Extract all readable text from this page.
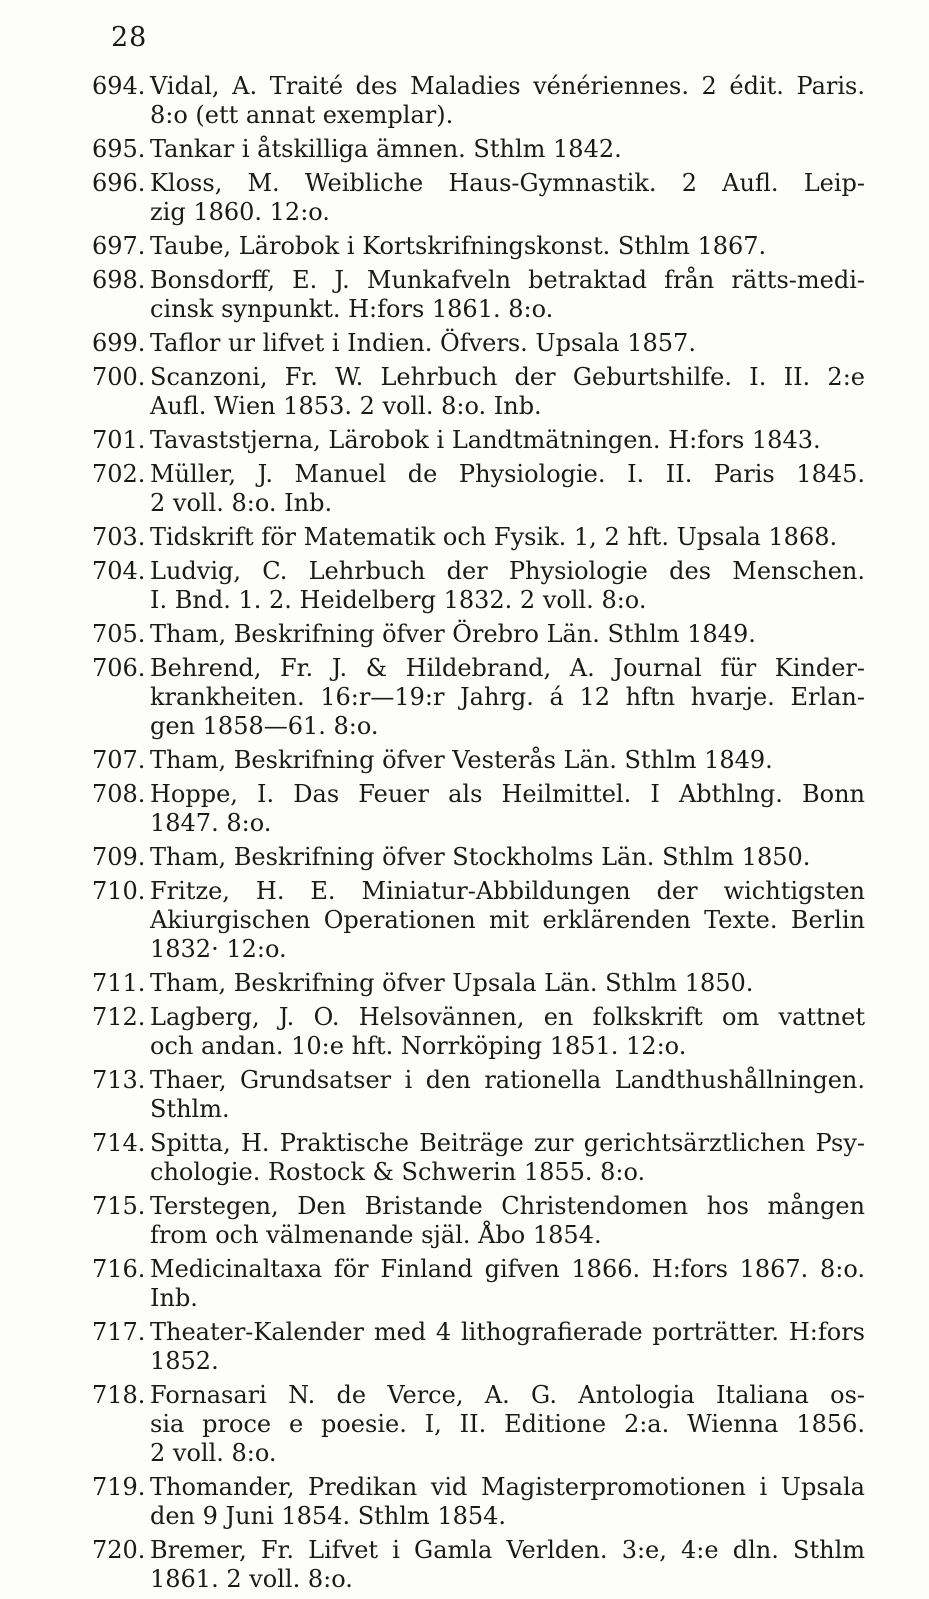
28
694. Vidal, A. Traité des Maladies vénériennes. 2 édit. Paris.
8:o (ett annat exemplar).
695. Tankar i åtskilliga ämnen. Sthlm 1842.
696. Kloss, M. Weibliche Haus-Gymnastik. 2 Aufl. Leip-
zig 1860. 12:o.
697. Taube, Lärobok i Kortskrifningskonst. Sthlm 1867.
698. Bonsdorff, E. J. Munkafveln betraktad från rätts-medi-
cinsk synpunkt. H:fors 1861. 8:o.
699. Taflor ur lifvet i Indien. Öfvers. Upsala 1857.
700. Scanzoni, Fr. W. Lehrbuch der Geburtshilfe. I. II. 2:e
Aufl. Wien 1853. 2 voll. 8:o. Inb.
701. Tavaststjerna, Lärobok i Landtmätningen. H:fors 1843.
702. Müller, J. Manuel de Physiologie. I. II. Paris 1845.
2 voll. 8:o. Inb.
703. Tidskrift för Matematik och Fysik. 1, 2 hft. Upsala 1868.
704. Ludvig, C. Lehrbuch der Physiologie des Menschen.
I. Bnd. 1. 2. Heidelberg 1832. 2 voll. 8:o.
705. Tham, Beskrifning öfver Örebro Län. Sthlm 1849.
706. Behrend, Fr. J. & Hildebrand, A. Journal für Kinder-
krankheiten. 16:r—19:r Jahrg. á 12 hftn hvarje. Erlan-
gen 1858—61. 8:o.
707. Tham, Beskrifning öfver Vesterås Län. Sthlm 1849.
708. Hoppe, I. Das Feuer als Heilmittel. I Abthlng. Bonn
1847. 8:o.
709. Tham, Beskrifning öfver Stockholms Län. Sthlm 1850.
710. Fritze, H. E. Miniatur-Abbildungen der wichtigsten
Akiurgischen Operationen mit erklärenden Texte. Berlin
1832· 12:o.
711. Tham, Beskrifning öfver Upsala Län. Sthlm 1850.
712. Lagberg, J. O. Helsovännen, en folkskrift om vattnet
och andan. 10:e hft. Norrköping 1851. 12:o.
713. Thaer, Grundsatser i den rationella Landthushållningen.
Sthlm.
714. Spitta, H. Praktische Beiträge zur gerichtsärztlichen Psy-
chologie. Rostock & Schwerin 1855. 8:o.
715. Terstegen, Den Bristande Christendomen hos mången
from och välmenande själ. Åbo 1854.
716. Medicinaltaxa för Finland gifven 1866. H:fors 1867. 8:o.
Inb.
717. Theater-Kalender med 4 lithografierade porträtter. H:fors
1852.
718. Fornasari N. de Verce, A. G. Antologia Italiana os-
sia proce e poesie. I, II. Editione 2:a. Wienna 1856.
2 voll. 8:o.
719. Thomander, Predikan vid Magisterpromotionen i Upsala
den 9 Juni 1854. Sthlm 1854.
720. Bremer, Fr. Lifvet i Gamla Verlden. 3:e, 4:e dln. Sthlm
1861. 2 voll. 8:o.
